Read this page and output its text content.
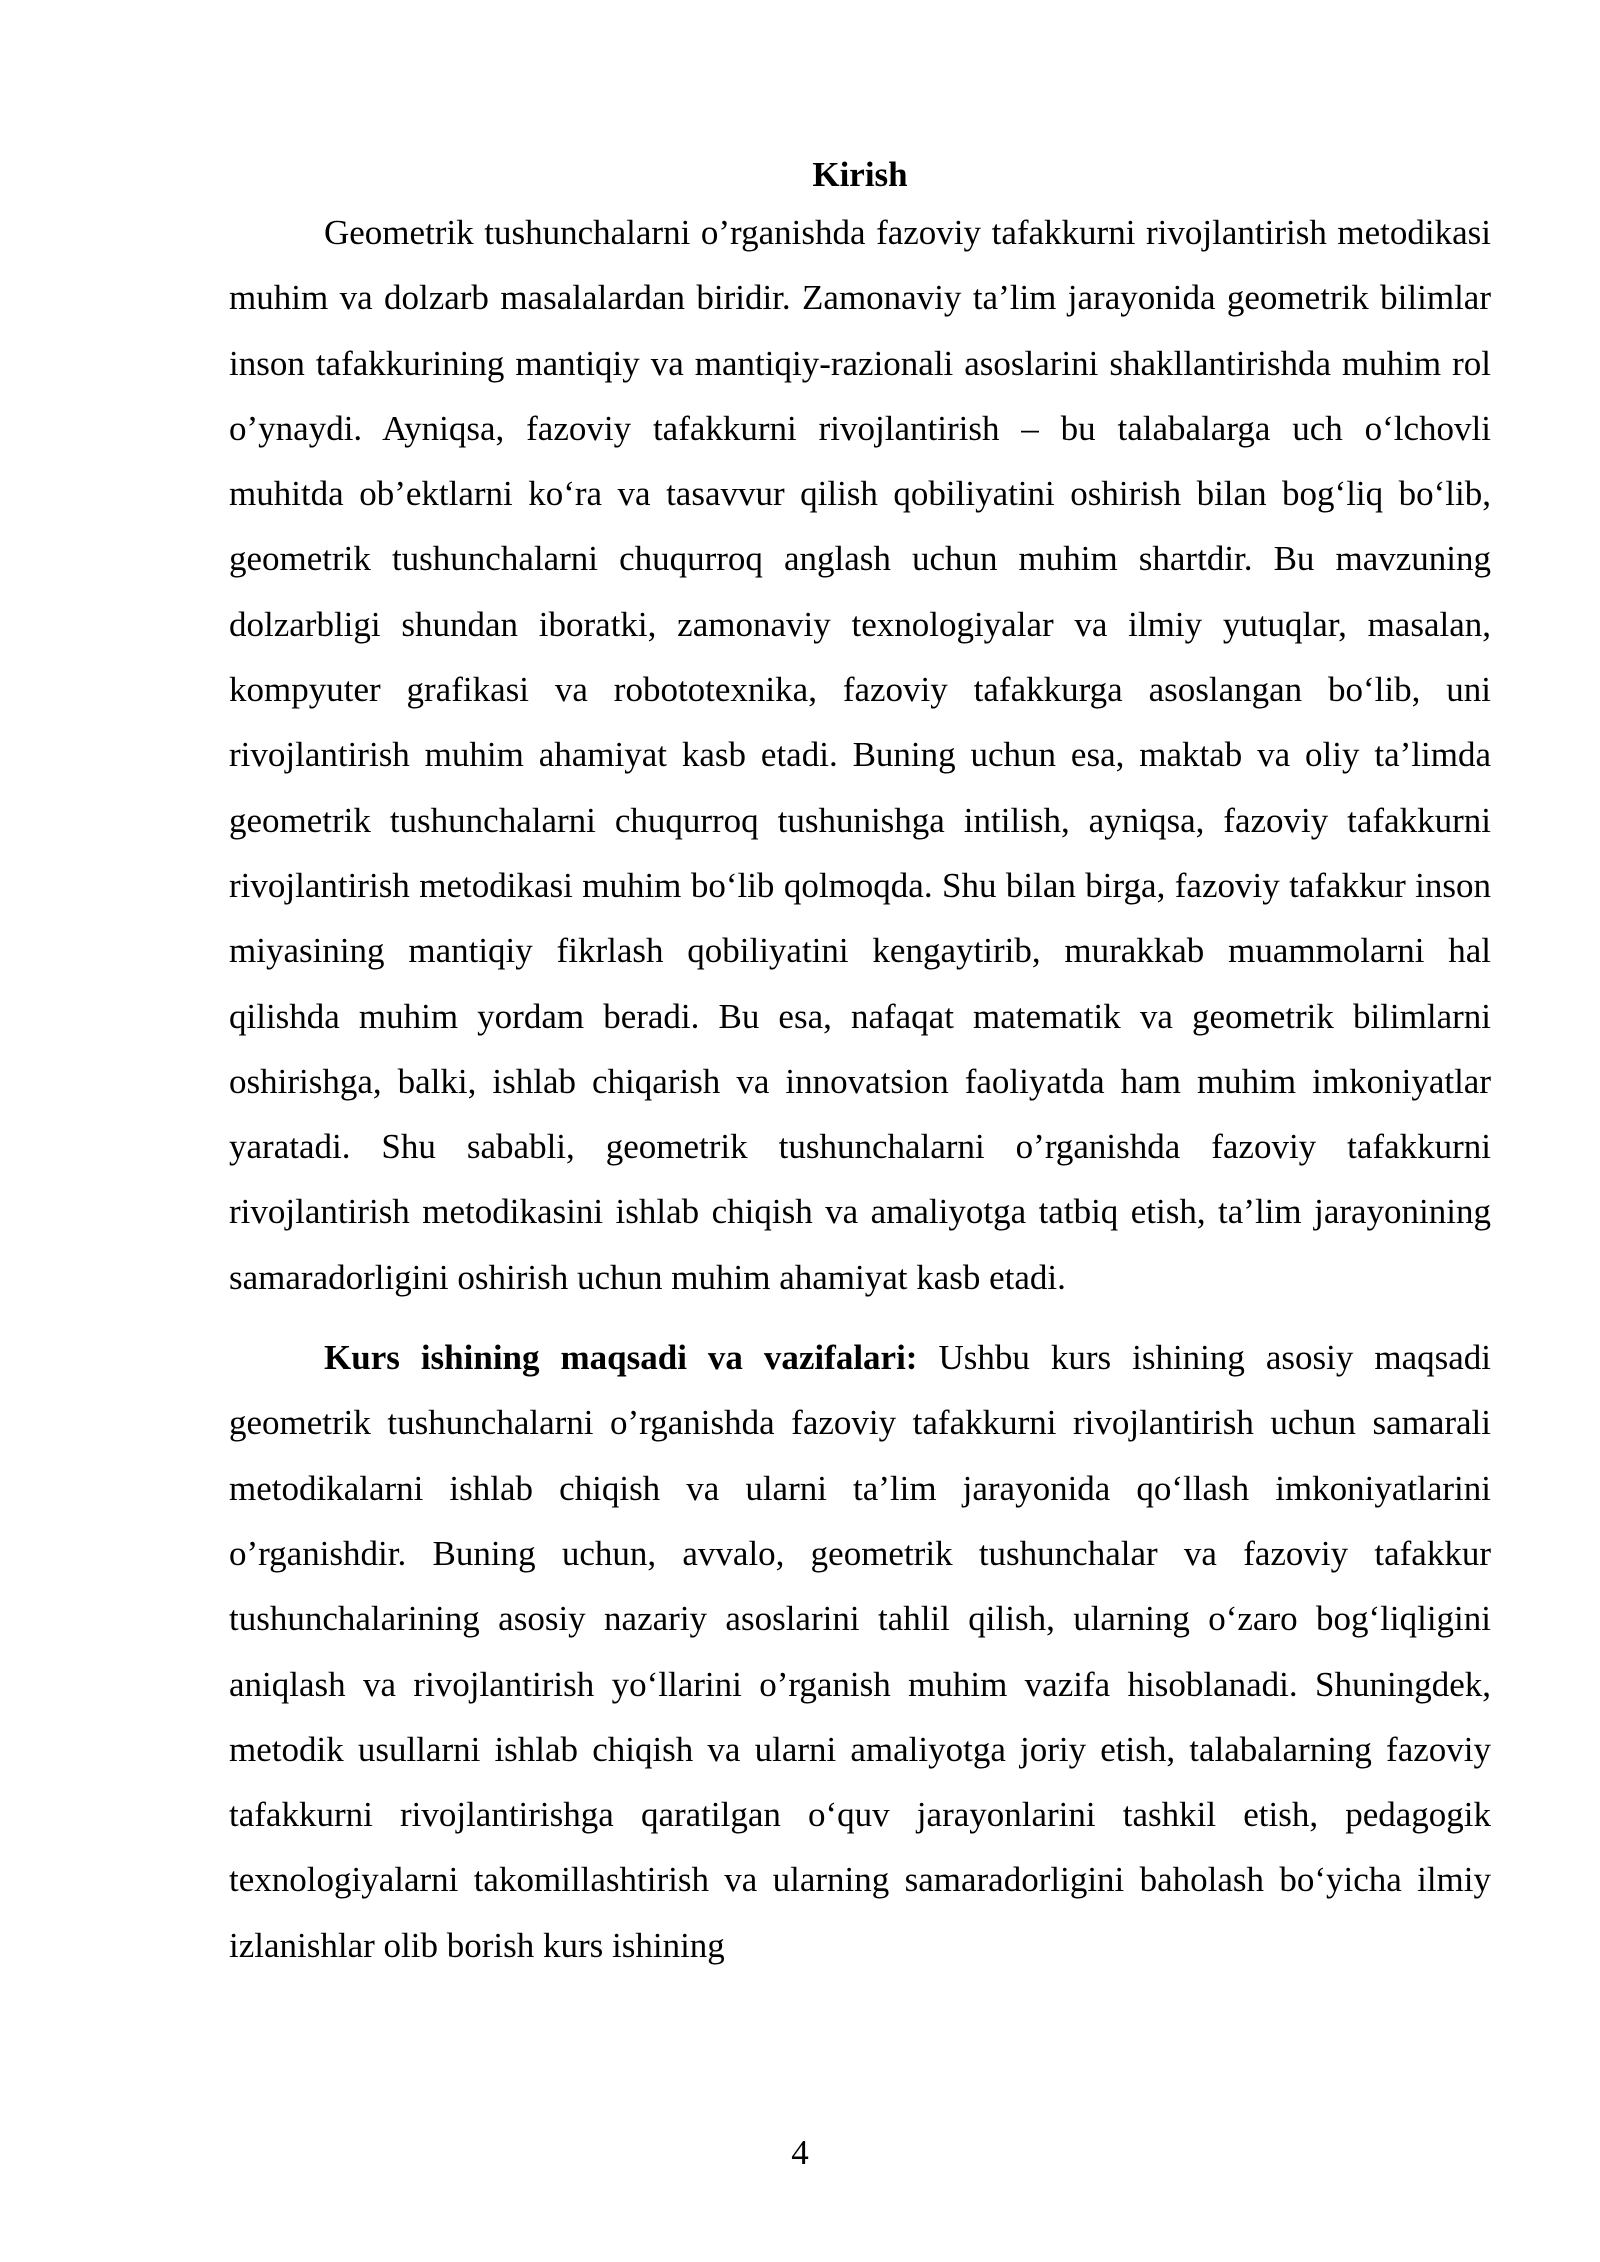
Kirish

Geometrik tushunchalarni o’rganishda fazoviy tafakkurni rivojlantirish metodikasi muhim va dolzarb masalalardan biridir. Zamonaviy ta’lim jarayonida geometrik bilimlar inson tafakkurining mantiqiy va mantiqiy-razionali asoslarini shakllantirishda muhim rol o’ynaydi. Ayniqsa, fazoviy tafakkurni rivojlantirish – bu talabalarga uch o‘lchovli muhitda ob’ektlarni ko‘ra va tasavvur qilish qobiliyatini oshirish bilan bog‘liq bo‘lib, geometrik tushunchalarni chuqurroq anglash uchun muhim shartdir. Bu mavzuning dolzarbligi shundan iboratki, zamonaviy texnologiyalar va ilmiy yutuqlar, masalan, kompyuter grafikasi va robototexnika, fazoviy tafakkurga asoslangan bo‘lib, uni rivojlantirish muhim ahamiyat kasb etadi. Buning uchun esa, maktab va oliy ta’limda geometrik tushunchalarni chuqurroq tushunishga intilish, ayniqsa, fazoviy tafakkurni rivojlantirish metodikasi muhim bo‘lib qolmoqda. Shu bilan birga, fazoviy tafakkur inson miyasining mantiqiy fikrlash qobiliyatini kengaytirib, murakkab muammolarni hal qilishda muhim yordam beradi. Bu esa, nafaqat matematik va geometrik bilimlarni oshirishga, balki, ishlab chiqarish va innovatsion faoliyatda ham muhim imkoniyatlar yaratadi. Shu sababli, geometrik tushunchalarni o’rganishda fazoviy tafakkurni rivojlantirish metodikasini ishlab chiqish va amaliyotga tatbiq etish, ta’lim jarayonining samaradorligini oshirish uchun muhim ahamiyat kasb etadi.

Kurs ishining maqsadi va vazifalari: Ushbu kurs ishining asosiy maqsadi geometrik tushunchalarni o’rganishda fazoviy tafakkurni rivojlantirish uchun samarali metodikalarni ishlab chiqish va ularni ta’lim jarayonida qo‘llash imkoniyatlarini o’rganishdir. Buning uchun, avvalo, geometrik tushunchalar va fazoviy tafakkur tushunchalarining asosiy nazariy asoslarini tahlil qilish, ularning o‘zaro bog‘liqligini aniqlash va rivojlantirish yo‘llarini o’rganish muhim vazifa hisoblanadi. Shuningdek, metodik usullarni ishlab chiqish va ularni amaliyotga joriy etish, talabalarning fazoviy tafakkurni rivojlantirishga qaratilgan o‘quv jarayonlarini tashkil etish, pedagogik texnologiyalarni takomillashtirish va ularning samaradorligini baholash bo‘yicha ilmiy izlanishlar olib borish kurs ishining

4
